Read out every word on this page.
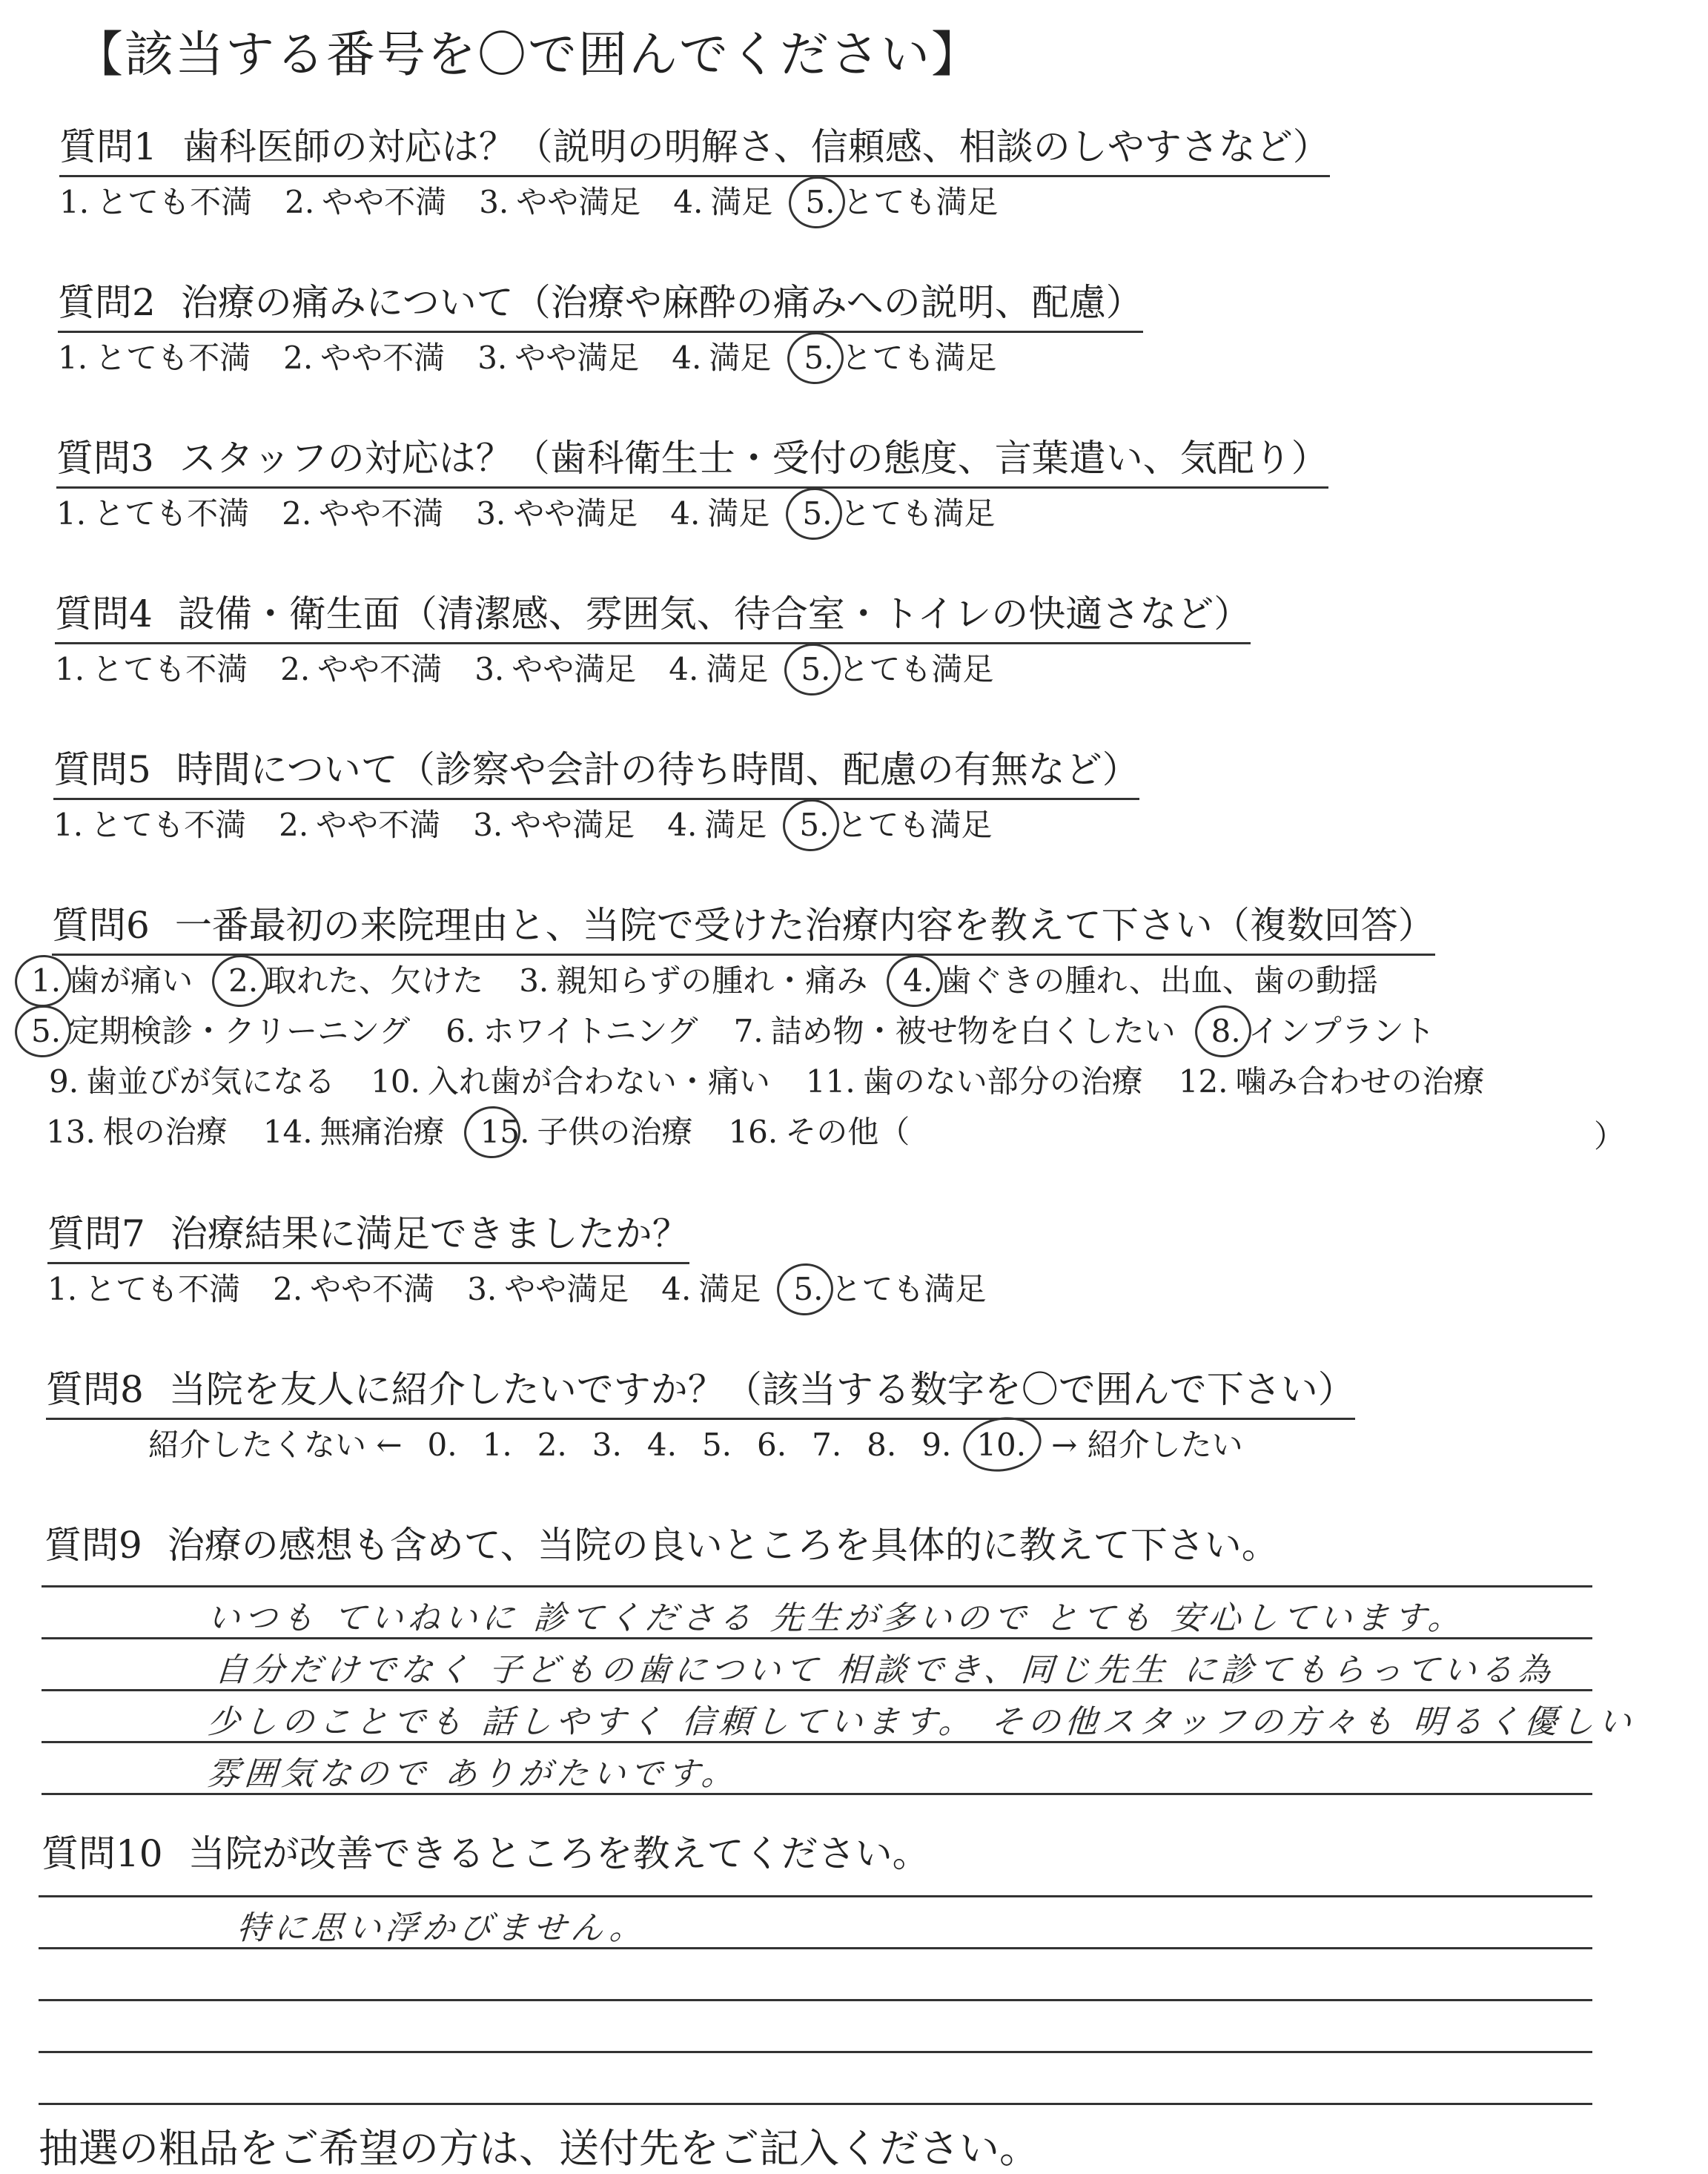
【該当する番号を〇で囲んでください】
質問1 歯科医師の対応は？（説明の明解さ、信頼感、相談のしやすさなど）
1. とても不満 2. やや不満 3. やや満足 4. 満足 5. とても満足
質問2 治療の痛みについて（治療や麻酔の痛みへの説明、配慮）
1. とても不満 2. やや不満 3. やや満足 4. 満足 5. とても満足
質問3 スタッフの対応は？（歯科衛生士・受付の態度、言葉遣い、気配り）
1. とても不満 2. やや不満 3. やや満足 4. 満足 5. とても満足
質問4 設備・衛生面（清潔感、雰囲気、待合室・トイレの快適さなど）
1. とても不満 2. やや不満 3. やや満足 4. 満足 5. とても満足
質問5 時間について（診察や会計の待ち時間、配慮の有無など）
1. とても不満 2. やや不満 3. やや満足 4. 満足 5. とても満足
質問6 一番最初の来院理由と、当院で受けた治療内容を教えて下さい（複数回答）
1. 歯が痛い 2. 取れた、欠けた 3. 親知らずの腫れ・痛み 4. 歯ぐきの腫れ、出血、歯の動揺
5. 定期検診・クリーニング 6. ホワイトニング 7. 詰め物・被せ物を白くしたい 8. インプラント
9. 歯並びが気になる 10. 入れ歯が合わない・痛い 11. 歯のない部分の治療 12. 噛み合わせの治療
13. 根の治療 14. 無痛治療 15. 子供の治療 16. その他（	）
質問7 治療結果に満足できましたか？
1. とても不満 2. やや不満 3. やや満足 4. 満足 5. とても満足
質問8 当院を友人に紹介したいですか？（該当する数字を〇で囲んで下さい）
紹介したくない ← 0. 1. 2. 3. 4. 5. 6. 7. 8. 9. 10. → 紹介したい
質問9 治療の感想も含めて、当院の良いところを具体的に教えて下さい。
いつも ていねいに 診てくださる 先生が多いので とても 安心しています。
自分だけでなく 子どもの歯について 相談でき、同じ先生 に診てもらっている為
少しのことでも 話しやすく 信頼しています。 その他スタッフの方々も 明るく優しい
雰囲気なので ありがたいです。
質問10 当院が改善できるところを教えてください。
特に思い浮かびません。
抽選の粗品をご希望の方は、送付先をご記入ください。
